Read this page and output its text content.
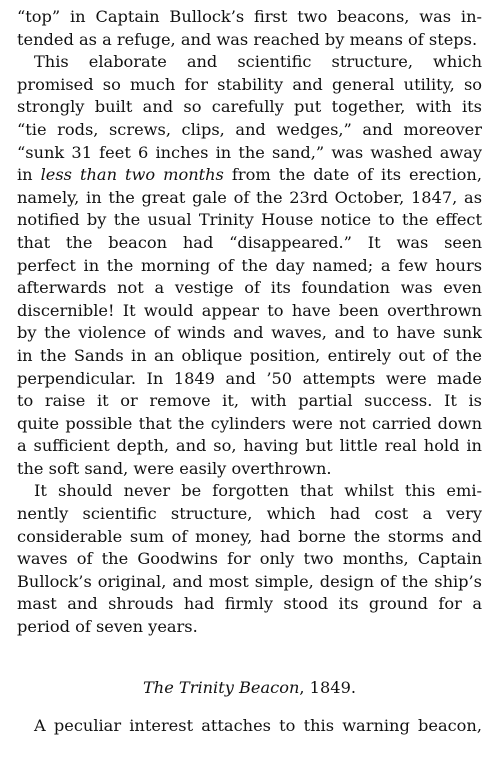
“top” in Captain Bullock’s first two beacons, was in-
tended as a refuge, and was reached by means of steps.
This elaborate and scientific structure, which
promised so much for stability and general utility, so
strongly built and so carefully put together, with its
“tie rods, screws, clips, and wedges,” and moreover
“sunk 31 feet 6 inches in the sand,” was washed away
in less than two months from the date of its erection,
namely, in the great gale of the 23rd October, 1847, as
notified by the usual Trinity House notice to the effect
that the beacon had “disappeared.” It was seen
perfect in the morning of the day named; a few hours
afterwards not a vestige of its foundation was even
discernible! It would appear to have been overthrown
by the violence of winds and waves, and to have sunk
in the Sands in an oblique position, entirely out of the
perpendicular. In 1849 and ’50 attempts were made
to raise it or remove it, with partial success. It is
quite possible that the cylinders were not carried down
a sufficient depth, and so, having but little real hold in
the soft sand, were easily overthrown.
It should never be forgotten that whilst this emi-
nently scientific structure, which had cost a very
considerable sum of money, had borne the storms and
waves of the Goodwins for only two months, Captain
Bullock’s original, and most simple, design of the ship’s
mast and shrouds had firmly stood its ground for a
period of seven years.
The Trinity Beacon, 1849.
A peculiar interest attaches to this warning beacon,
